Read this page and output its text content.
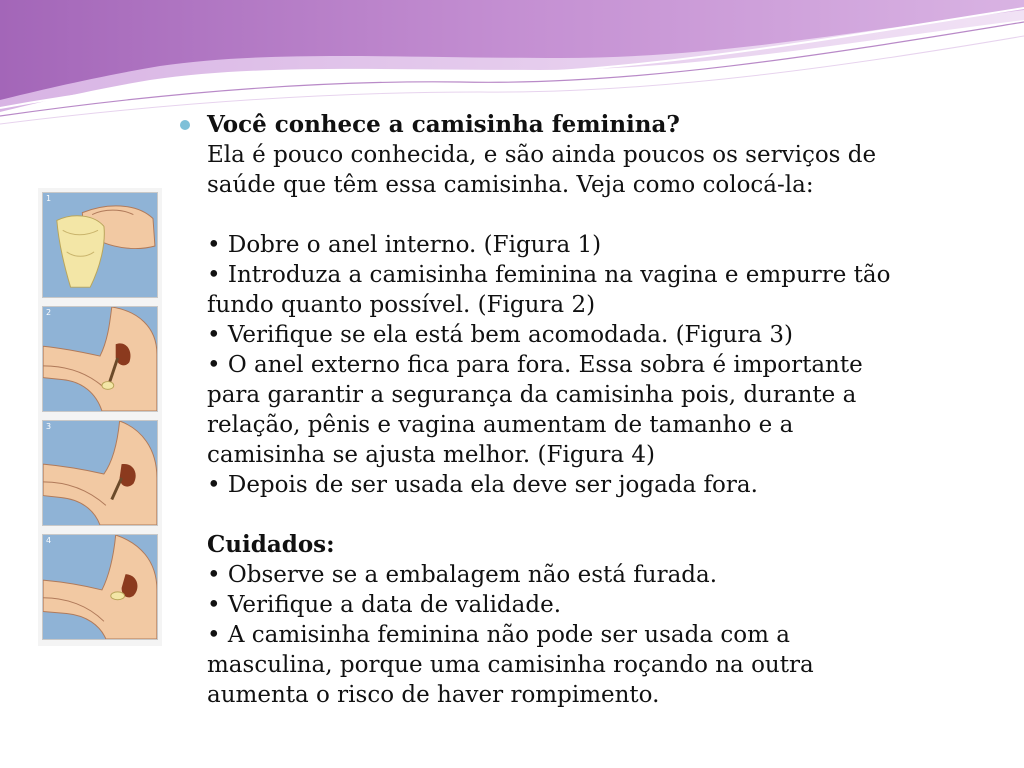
1
2
3
4
Você conhece a camisinha feminina?
Ela é pouco conhecida, e são ainda poucos os serviços de
saúde que têm essa camisinha. Veja como colocá-la:
• Dobre o anel interno. (Figura 1)
• Introduza a camisinha feminina na vagina e empurre tão
fundo quanto possível. (Figura 2)
• Verifique se ela está bem acomodada. (Figura 3)
• O anel externo fica para fora. Essa sobra é importante
para garantir a segurança da camisinha pois, durante a
relação, pênis e vagina aumentam de tamanho e a
camisinha se ajusta melhor. (Figura 4)
• Depois de ser usada ela deve ser jogada fora.
Cuidados:
• Observe se a embalagem não está furada.
• Verifique a data de validade.
• A camisinha feminina não pode ser usada com a
masculina, porque uma camisinha roçando na outra
aumenta o risco de haver rompimento.
